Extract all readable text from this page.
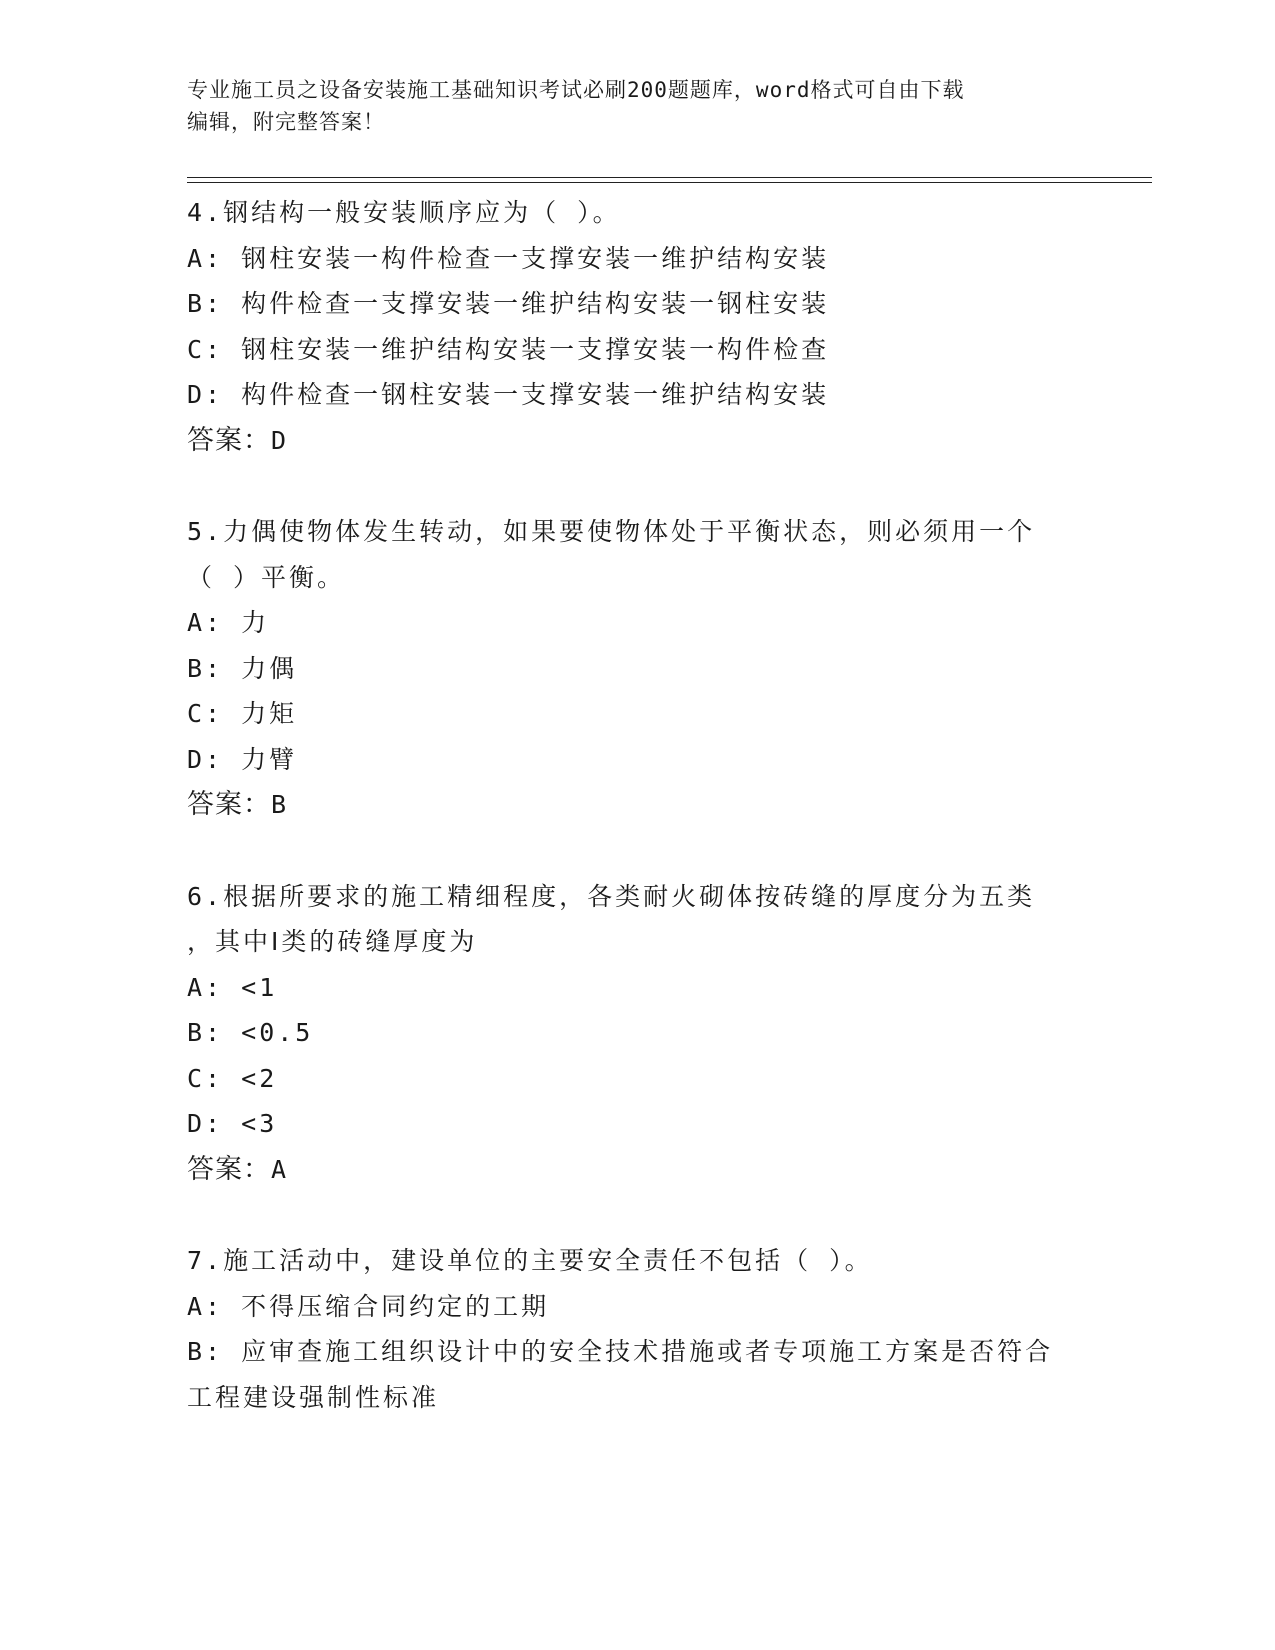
专业施工员之设备安装施工基础知识考试必刷200题题库，word格式可自由下载
编辑，附完整答案！
4.钢结构一般安装顺序应为（ ）。
A: 钢柱安装一构件检查一支撑安装一维护结构安装
B: 构件检查一支撑安装一维护结构安装一钢柱安装
C: 钢柱安装一维护结构安装一支撑安装一构件检查
D: 构件检查一钢柱安装一支撑安装一维护结构安装
答案：D
5.力偶使物体发生转动，如果要使物体处于平衡状态，则必须用一个
（ ）平衡。
A: 力
B: 力偶
C: 力矩
D: 力臂
答案：B
6.根据所要求的施工精细程度，各类耐火砌体按砖缝的厚度分为五类
，其中Ⅰ类的砖缝厚度为
A: <1
B: <0.5
C: <2
D: <3
答案：A
7.施工活动中，建设单位的主要安全责任不包括（ ）。
A: 不得压缩合同约定的工期
B: 应审查施工组织设计中的安全技术措施或者专项施工方案是否符合
工程建设强制性标准
